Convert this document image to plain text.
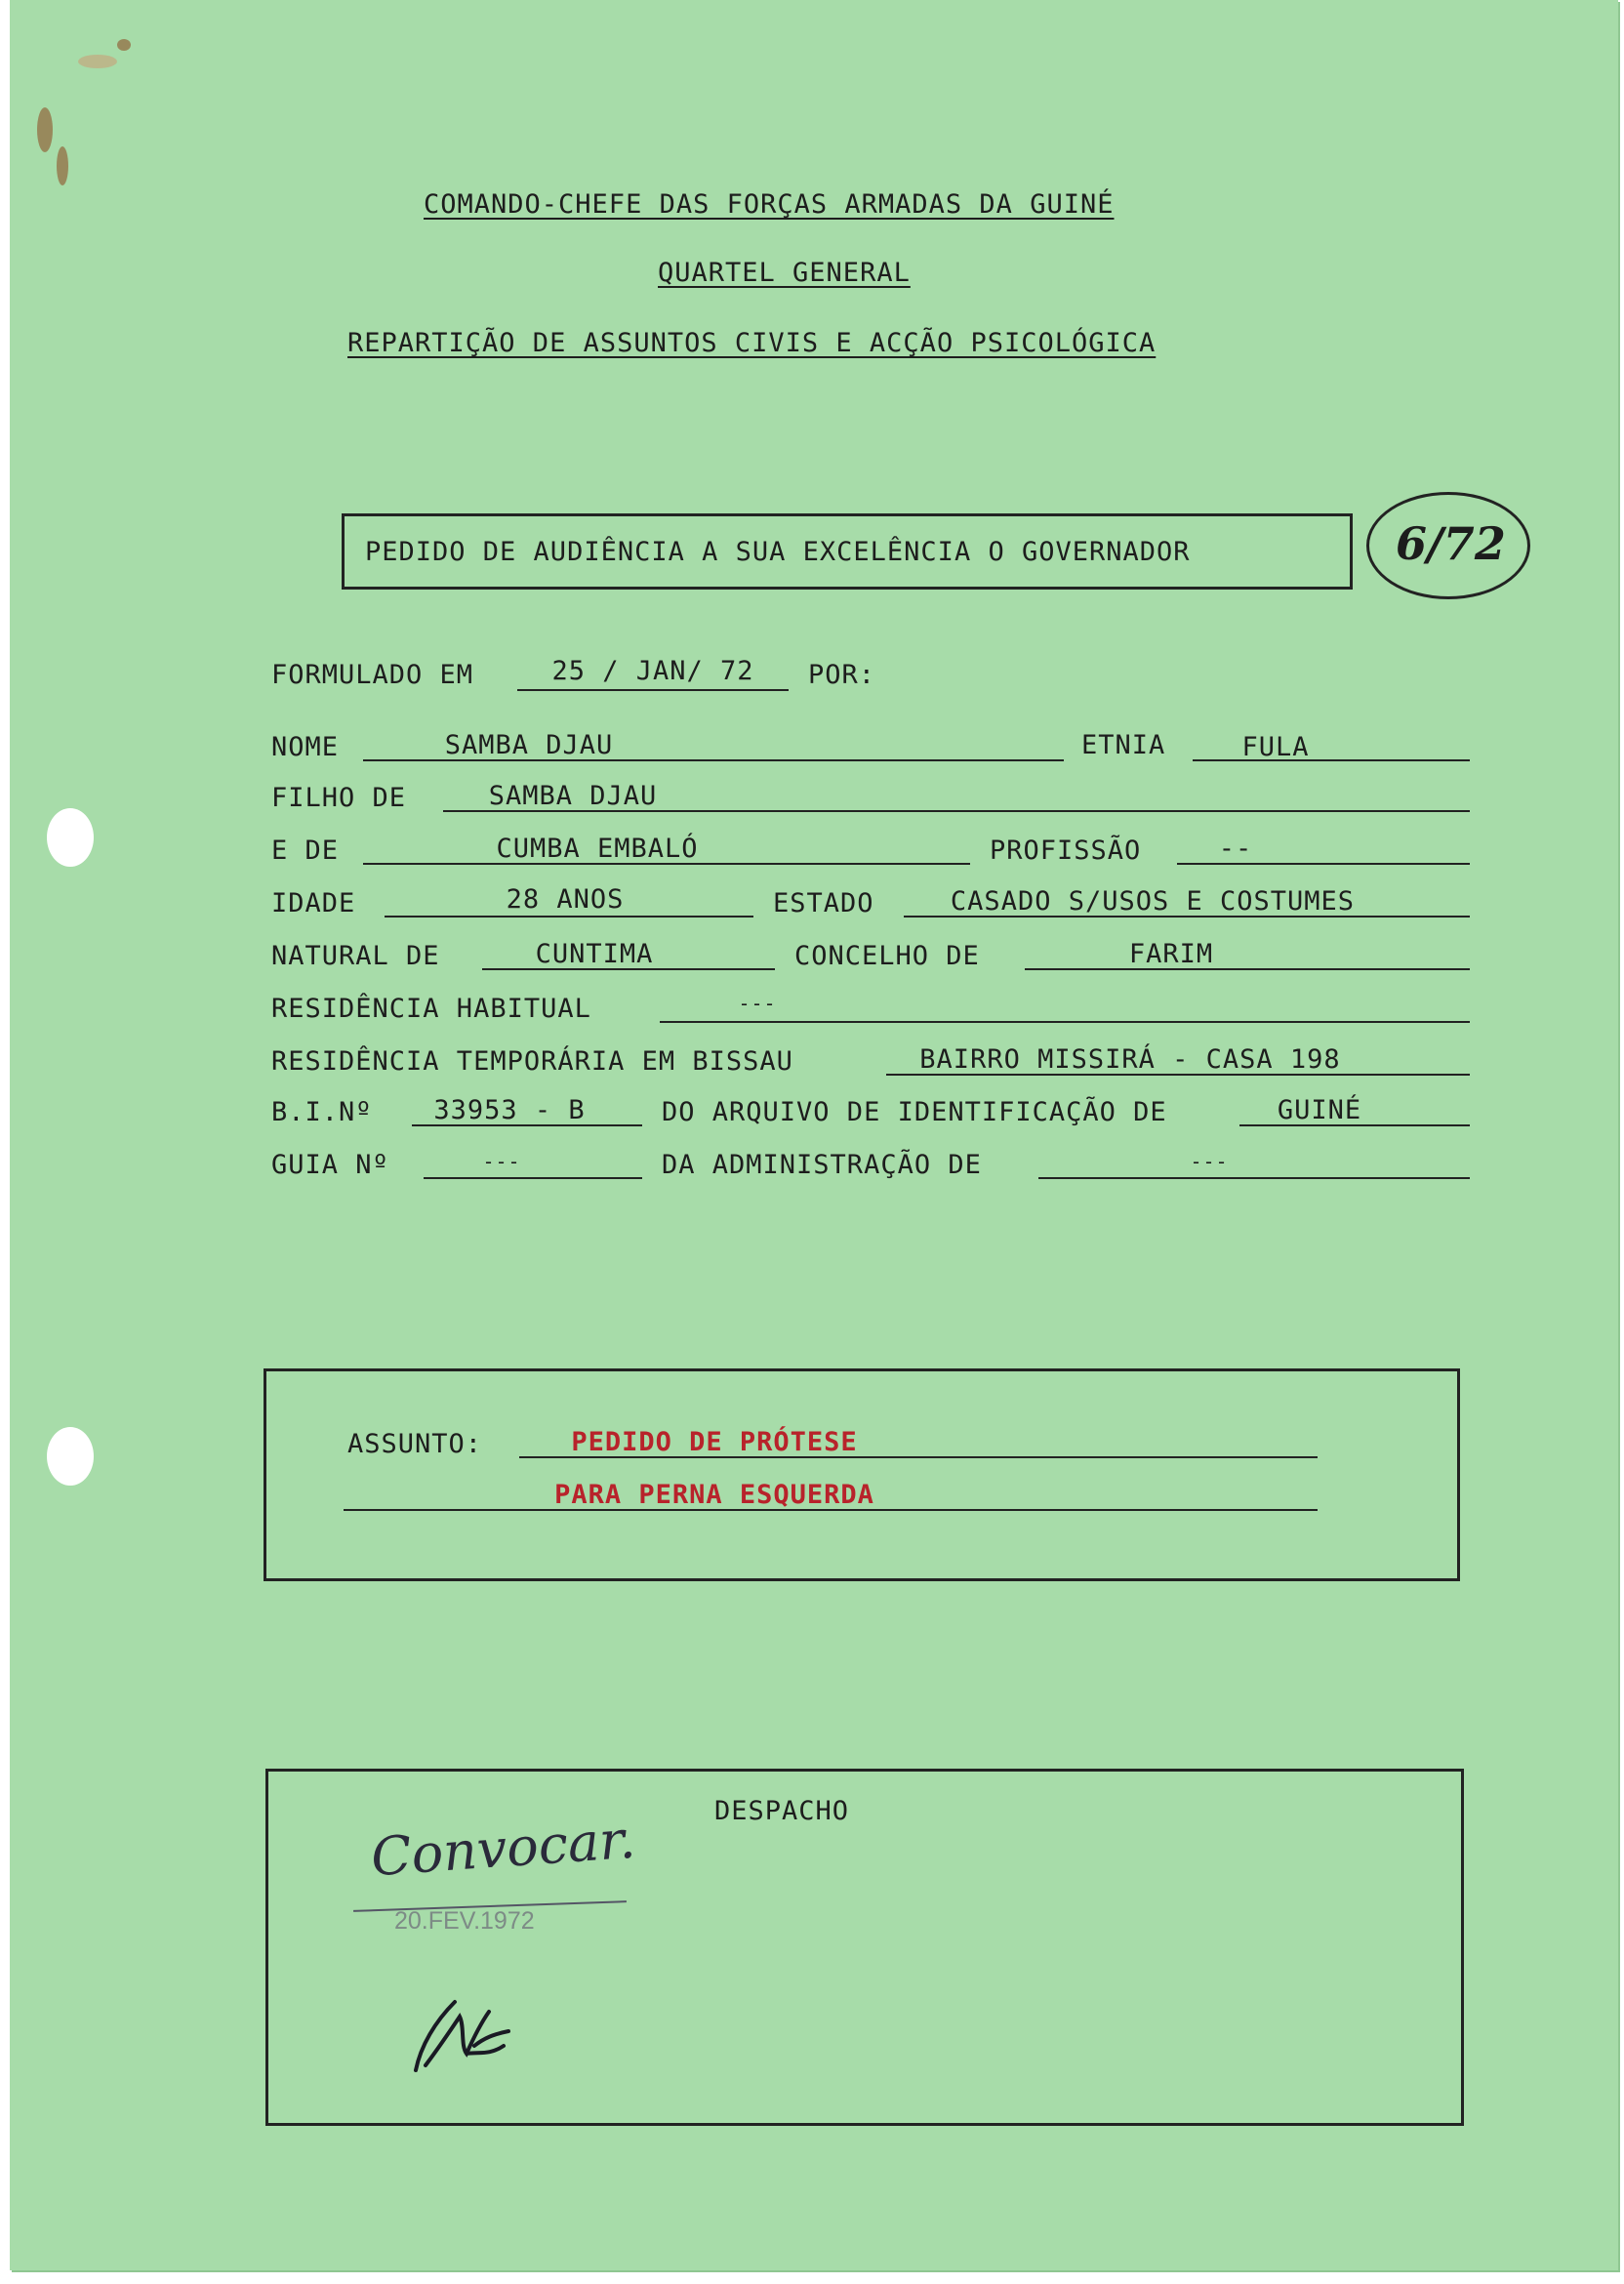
COMANDO-CHEFE DAS FORÇAS ARMADAS DA GUINÉ
QUARTEL GENERAL
REPARTIÇÃO DE ASSUNTOS CIVIS E ACÇÃO PSICOLÓGICA
PEDIDO DE AUDIÊNCIA A SUA EXCELÊNCIA O GOVERNADOR	6/72
FORMULADO EM	25 / JAN/ 72	POR:
NOME	SAMBA DJAU	ETNIA	FULA
FILHO DE	SAMBA DJAU
E DE	CUMBA EMBALÓ	PROFISSÃO	--
IDADE	28 ANOS	ESTADO	CASADO S/USOS E COSTUMES
NATURAL DE	CUNTIMA	CONCELHO DE	FARIM
RESIDÊNCIA HABITUAL	---
RESIDÊNCIA TEMPORÁRIA EM BISSAU	BAIRRO MISSIRÁ - CASA 198
B.I.Nº	33953 - B	DO ARQUIVO DE IDENTIFICAÇÃO DE	GUINÉ
GUIA Nº	---	DA ADMINISTRAÇÃO DE	---
ASSUNTO:	PEDIDO DE PRÓTESE
PARA PERNA ESQUERDA
DESPACHO
Convocar.
20.FEV.1972
